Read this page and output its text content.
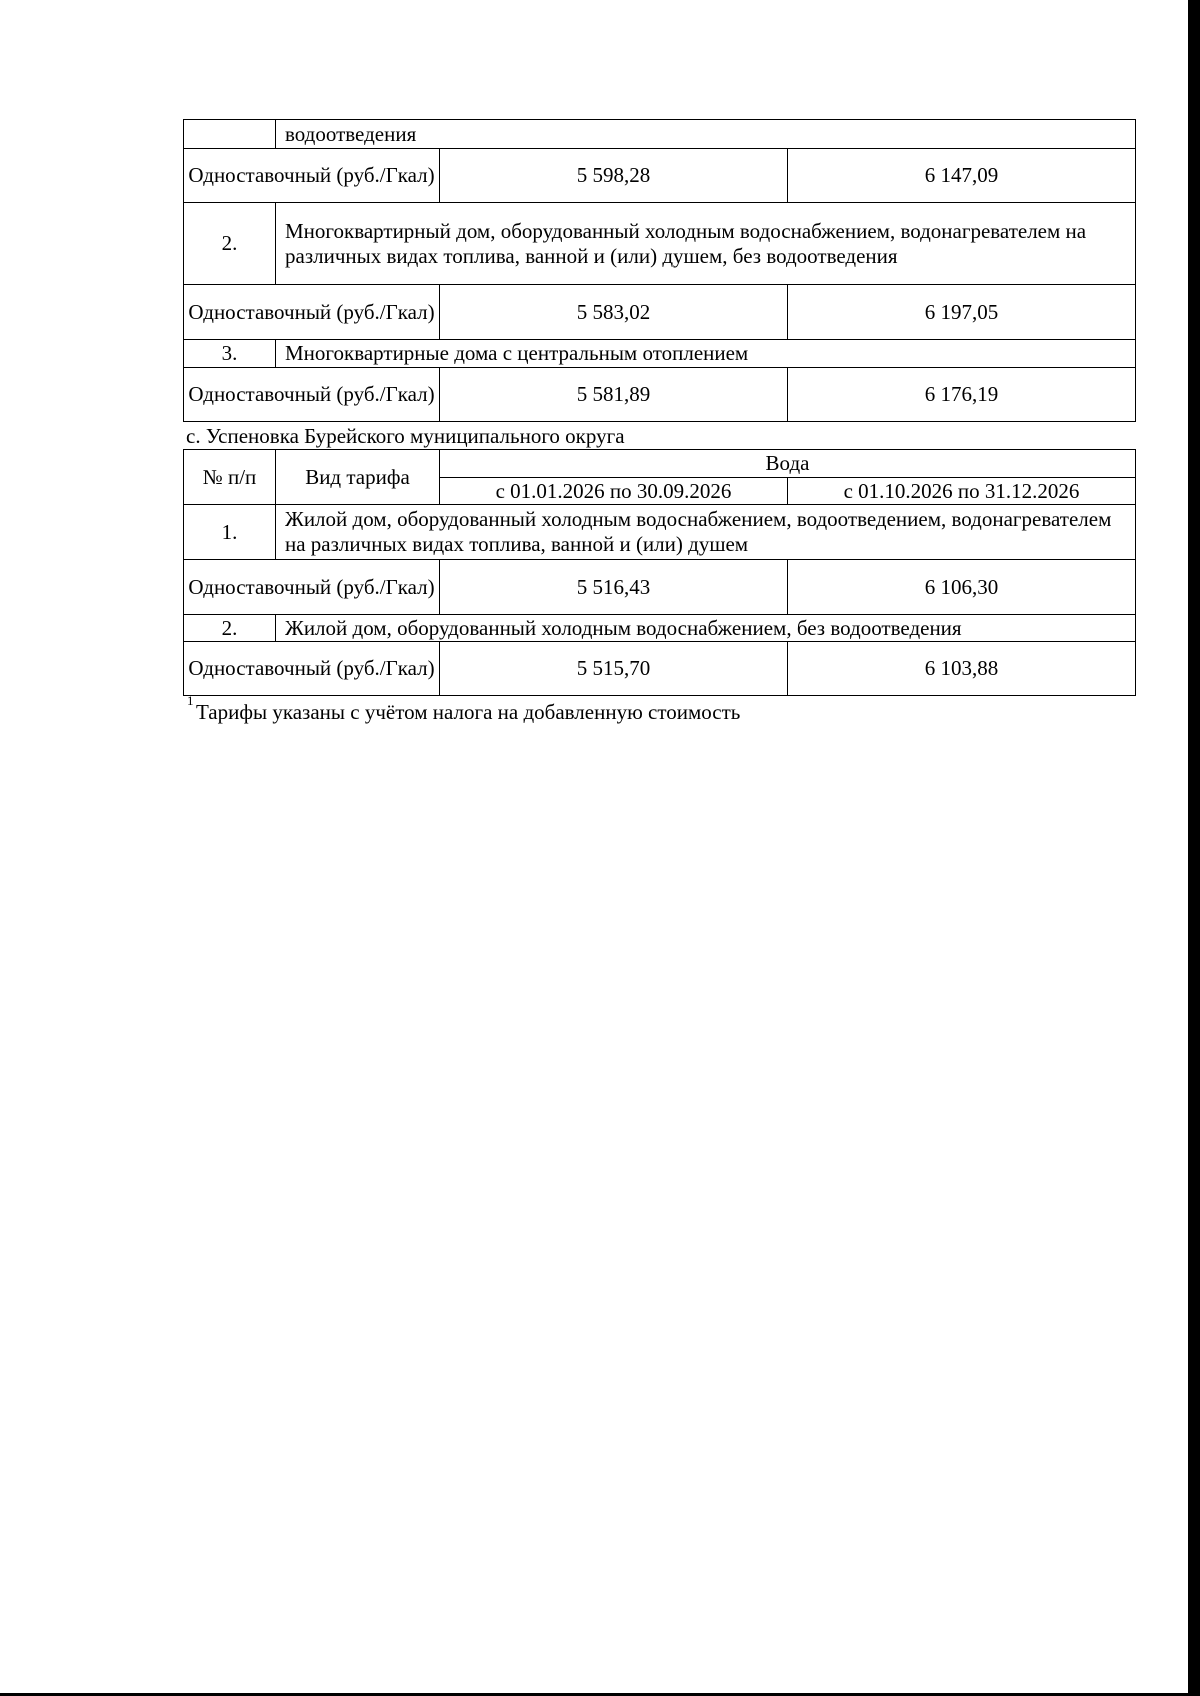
	водоотведения		
Одноставочный (руб./Гкал)		5 598,28	6 147,09
2.	Многоквартирный дом, оборудованный холодным водоснабжением, водонагревателем на различных видах топлива, ванной и (или) душем, без водоотведения		
Одноставочный (руб./Гкал)		5 583,02	6 197,05
3.	Многоквартирные дома с центральным отоплением		
Одноставочный (руб./Гкал)		5 581,89	6 176,19
с. Успеновка Бурейского муниципального округа
№ п/п	Вид тарифа	Вода	
		с 01.01.2026 по 30.09.2026	с 01.10.2026 по 31.12.2026
1.	Жилой дом, оборудованный холодным водоснабжением, водоотведением, водонагревателем на различных видах топлива, ванной и (или) душем		
Одноставочный (руб./Гкал)		5 516,43	6 106,30
2.	Жилой дом, оборудованный холодным водоснабжением, без водоотведения		
Одноставочный (руб./Гкал)		5 515,70	6 103,88
1 Тарифы указаны с учётом налога на добавленную стоимость
